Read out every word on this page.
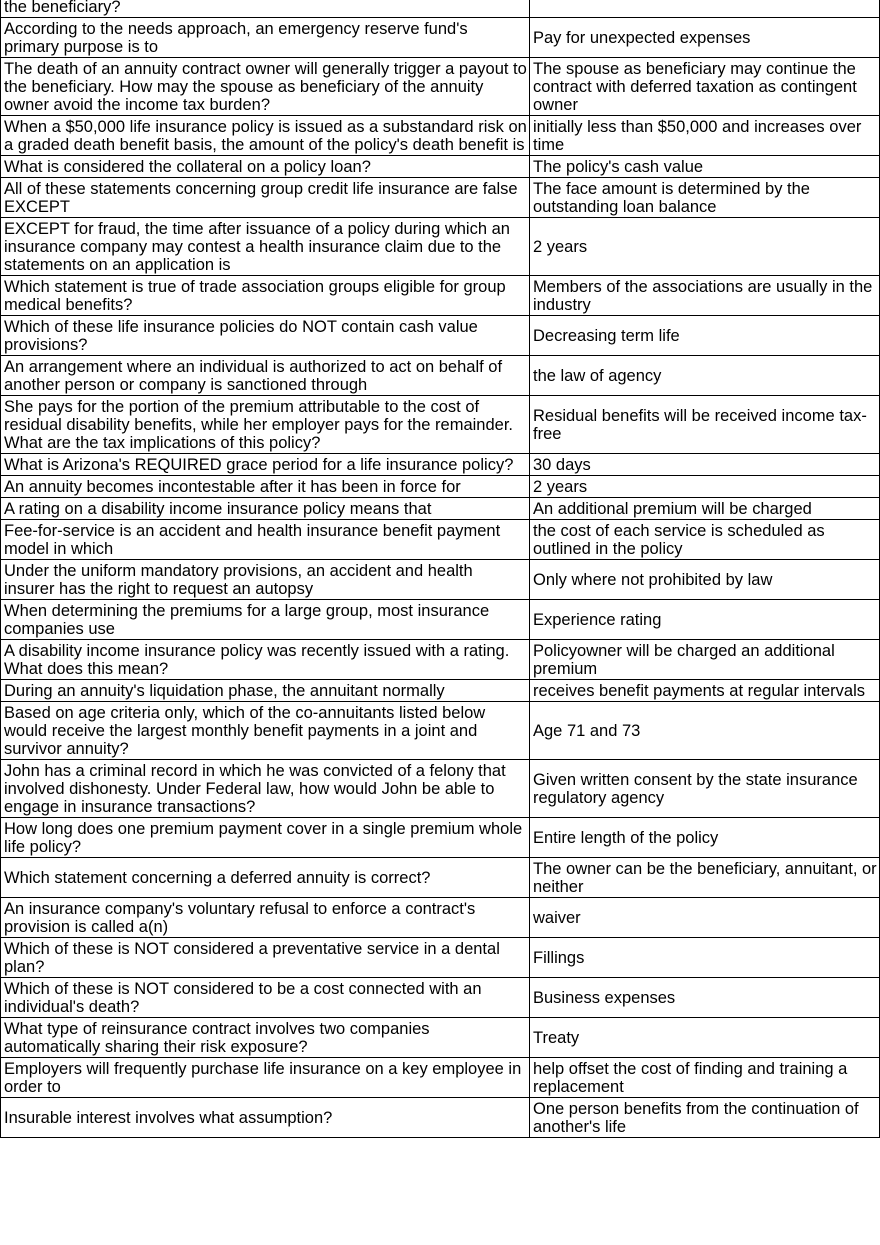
the beneficiary?	
According to the needs approach, an emergency reserve fund's primary purpose is to	Pay for unexpected expenses
The death of an annuity contract owner will generally trigger a payout to the beneficiary. How may the spouse as beneficiary of the annuity owner avoid the income tax burden?	The spouse as beneficiary may continue the contract with deferred taxation as contingent owner
When a $50,000 life insurance policy is issued as a substandard risk on a graded death benefit basis, the amount of the policy's death benefit is	initially less than $50,000 and increases over time
What is considered the collateral on a policy loan?	The policy's cash value
All of these statements concerning group credit life insurance are false EXCEPT	The face amount is determined by the outstanding loan balance
EXCEPT for fraud, the time after issuance of a policy during which an insurance company may contest a health insurance claim due to the statements on an application is	2 years
Which statement is true of trade association groups eligible for group medical benefits?	Members of the associations are usually in the industry
Which of these life insurance policies do NOT contain cash value provisions?	Decreasing term life
An arrangement where an individual is authorized to act on behalf of another person or company is sanctioned through	the law of agency
She pays for the portion of the premium attributable to the cost of residual disability benefits, while her employer pays for the remainder. What are the tax implications of this policy?	Residual benefits will be received income tax-free
What is Arizona's REQUIRED grace period for a life insurance policy?	30 days
An annuity becomes incontestable after it has been in force for	2 years
A rating on a disability income insurance policy means that	An additional premium will be charged
Fee-for-service is an accident and health insurance benefit payment model in which	the cost of each service is scheduled as outlined in the policy
Under the uniform mandatory provisions, an accident and health insurer has the right to request an autopsy	Only where not prohibited by law
When determining the premiums for a large group, most insurance companies use	Experience rating
A disability income insurance policy was recently issued with a rating. What does this mean?	Policyowner will be charged an additional premium
During an annuity's liquidation phase, the annuitant normally	receives benefit payments at regular intervals
Based on age criteria only, which of the co-annuitants listed below would receive the largest monthly benefit payments in a joint and survivor annuity?	Age 71 and 73
John has a criminal record in which he was convicted of a felony that involved dishonesty. Under Federal law, how would John be able to engage in insurance transactions?	Given written consent by the state insurance regulatory agency
How long does one premium payment cover in a single premium whole life policy?	Entire length of the policy
Which statement concerning a deferred annuity is correct?	The owner can be the beneficiary, annuitant, or neither
An insurance company's voluntary refusal to enforce a contract's provision is called a(n)	waiver
Which of these is NOT considered a preventative service in a dental plan?	Fillings
Which of these is NOT considered to be a cost connected with an individual's death?	Business expenses
What type of reinsurance contract involves two companies automatically sharing their risk exposure?	Treaty
Employers will frequently purchase life insurance on a key employee in order to	help offset the cost of finding and training a replacement
Insurable interest involves what assumption?	One person benefits from the continuation of another's life
